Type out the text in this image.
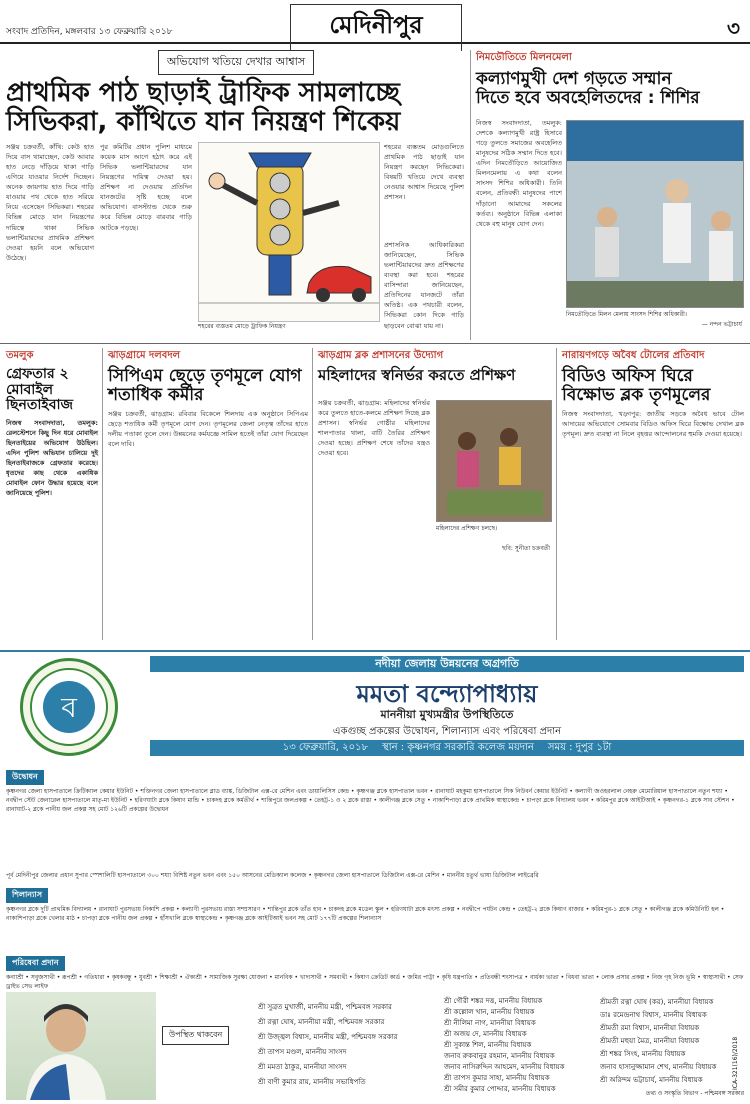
সংবাদ প্রতিদিন, মঙ্গলবার ১৩ ফেব্রুয়ারি ২০১৮	মেদিনীপুর	৩
অভিযোগ খতিয়ে দেখার আশ্বাস
প্রাথমিক পাঠ ছাড়াই ট্রাফিক সামলাচ্ছে
সিভিকরা, কাঁথিতে যান নিয়ন্ত্রণ শিকেয়
সঞ্জয় চক্রবর্তী, কাঁথি: কেউ হাত দিয়ে বাস থামাচ্ছেন, কেউ আবার হাত নেড়ে দাঁড়িয়ে থাকা গাড়ি এগিয়ে যাওয়ার নির্দেশ দিচ্ছেন। অনেক জায়গায় হাত দিয়ে গাড়ি যাওয়ার পথ থেকে হাত সরিয়ে নিয়ে এসেছেন সিভিকরা। শহরের বিভিন্ন মোড়ে যান নিয়ন্ত্রণের দায়িত্বে থাকা সিভিক ভলান্টিয়ারদের প্রাথমিক প্রশিক্ষণ দেওয়া হয়নি বলে অভিযোগ উঠেছে।
পুর কমিটির প্রধান পুলিশ মাধ্যমে কয়েক মাস আগে হঠাৎ করে এই সিভিক ভলান্টিয়ারদের যান নিয়ন্ত্রণের দায়িত্ব দেওয়া হয়। প্রশিক্ষণ না দেওয়ায় প্রতিদিন যানজটের সৃষ্টি হচ্ছে বলে অভিযোগ। বাসস্ট্যান্ড থেকে শুরু করে বিভিন্ন মোড়ে বারবার গাড়ি আটকে পড়ছে।
শহরের ব্যস্ততম মোড়ে ট্রাফিক নিয়ন্ত্রণ
শহরের ব্যস্ততম মোড়গুলিতে প্রাথমিক পাঠ ছাড়াই যান নিয়ন্ত্রণ করছেন সিভিকেরা। বিষয়টি খতিয়ে দেখে ব্যবস্থা নেওয়ার আশ্বাস দিয়েছে পুলিশ প্রশাসন।
প্রশাসনিক আধিকারিকরা জানিয়েছেন, সিভিক ভলান্টিয়ারদের দ্রুত প্রশিক্ষণের ব্যবস্থা করা হবে। শহরের বাসিন্দারা জানিয়েছেন, প্রতিদিনের যানজটে তাঁরা অতিষ্ঠ। এক পথচারী বলেন, সিভিকরা কোন দিকে গাড়ি ছাড়বেন বোঝা যায় না।
নিমডৌতিতে মিলনমেলা
কল্যাণমুখী দেশ গড়তে সম্মান
দিতে হবে অবহেলিতদের : শিশির
নিজস্ব সংবাদদাতা, তমলুক: দেশকে কল্যাণমুখী রাষ্ট্র হিসাবে গড়ে তুলতে সমাজের অবহেলিত মানুষদের সঠিক সম্মান দিতে হবে। এদিন নিমতৌড়িতে আয়োজিত মিলনমেলায় এ কথা বলেন সাংসদ শিশির অধিকারী। তিনি বলেন, প্রতিবন্ধী মানুষদের পাশে দাঁড়ানো আমাদের সকলের কর্তব্য। অনুষ্ঠানে বিভিন্ন এলাকা থেকে বহু মানুষ যোগ দেন।
নিমতৌড়িতে মিলন মেলায় সাংসদ শিশির অধিকারী।
— নন্দন ভট্টাচার্য
তমলুক
গ্রেফতার ২ মোবাইল ছিনতাইবাজ
নিজস্ব সংবাদদাতা, তমলুক: রেলস্টেশনে কিছু দিন ধরে মোবাইল ছিনতাইয়ের অভিযোগ উঠছিল। এদিন পুলিশ অভিযান চালিয়ে দুই ছিনতাইবাজকে গ্রেফতার করেছে। ধৃতদের কাছ থেকে একাধিক মোবাইল ফোন উদ্ধার হয়েছে বলে জানিয়েছে পুলিশ।
ঝাড়গ্রামে দলবদল
সিপিএম ছেড়ে তৃণমূলে যোগ শতাধিক কর্মীর
সঞ্জয় চক্রবর্তী, ঝাড়গ্রাম: রবিবার বিকেলে শিলদায় এক অনুষ্ঠানে সিপিএম ছেড়ে শতাধিক কর্মী তৃণমূলে যোগ দেন। তৃণমূলের জেলা নেতৃত্ব তাঁদের হাতে দলীয় পতাকা তুলে দেন। উন্নয়নের কর্মযজ্ঞে সামিল হতেই তাঁরা যোগ দিয়েছেন বলে দাবি।
ঝাড়গ্রাম ব্লক প্রশাসনের উদ্যোগ
মহিলাদের স্বনির্ভর করতে প্রশিক্ষণ
সঞ্জয় চক্রবর্তী, ঝাড়গ্রাম: মহিলাদের স্বনির্ভর করে তুলতে হাতে-কলমে প্রশিক্ষণ দিচ্ছে ব্লক প্রশাসন। স্বনির্ভর গোষ্ঠীর মহিলাদের শালপাতার থালা, বাটি তৈরির প্রশিক্ষণ দেওয়া হচ্ছে। প্রশিক্ষণ শেষে তাঁদের যন্ত্রও দেওয়া হবে।
মহিলাদের প্রশিক্ষণ চলছে।
ছবি: সুনীতা চক্রবর্তী
নারায়ণগড়ে অবৈধ টোলের প্রতিবাদ
বিডিও অফিস ঘিরে বিক্ষোভ ব্লক তৃণমূলের
নিজস্ব সংবাদদাতা, খড়্গপুর: জাতীয় সড়কে অবৈধ ভাবে টোল আদায়ের অভিযোগে সোমবার বিডিও অফিস ঘিরে বিক্ষোভ দেখাল ব্লক তৃণমূল। দ্রুত ব্যবস্থা না নিলে বৃহত্তর আন্দোলনের হুমকি দেওয়া হয়েছে।
ব
নদীয়া জেলায় উন্নয়নের অগ্রগতি
মমতা বন্দ্যোপাধ্যায়
মাননীয়া মুখ্যমন্ত্রীর উপস্থিতিতে
একগুচ্ছ প্রকল্পের উদ্বোধন, শিলান্যাস এবং পরিষেবা প্রদান
১৩ ফেব্রুয়ারি, ২০১৮ স্থান : কৃষ্ণনগর সরকারি কলেজ ময়দান সময় : দুপুর ১টা
উদ্বোধন
কৃষ্ণনগর জেলা হাসপাতালে ক্রিটিক্যাল কেয়ার ইউনিট • শক্তিনগর জেলা হাসপাতালে ব্লাড ব্যাঙ্ক, ডিজিটাল এক্স-রে মেশিন এবং ডায়ালিসিস কেন্দ্র • কৃষ্ণগঞ্জ ব্লকে হাসপাতাল ভবন • রানাঘাট মহকুমা হাসপাতালে সিক নিউবর্ন কেয়ার ইউনিট • কল্যাণী জওহরলাল নেহরু মেমোরিয়াল হাসপাতালে নতুন শয্যা • নবদ্বীপ স্টেট জেনারেল হাসপাতালে মাতৃ-মা ইউনিট • হরিণঘাটা ব্লকে কিষাণ মান্ডি • চাকদহ ব্লকে কর্মতীর্থ • শান্তিপুরে জলপ্রকল্প • তেহট্ট-১ ও ২ ব্লকে রাস্তা • কালীগঞ্জ ব্লকে সেতু • নাকাশিপাড়া ব্লকে প্রাথমিক স্বাস্থ্যকেন্দ্র • চাপড়া ব্লকে বিদ্যালয় ভবন • করিমপুর ব্লকে আইটিআই • কৃষ্ণনগর-১ ব্লকে সাব স্টেশন • রানাঘাট-২ ব্লকে পানীয় জল প্রকল্প সহ মোট ১২৬টি প্রকল্পের উদ্বোধন
পূর্ব মেদিনীপুর জেলার প্রধান সুপার স্পেশালিটি হাসপাতালে ৩০০ শয্যা বিশিষ্ট নতুন ভবন এবং ১৫০ আসনের মেডিক্যাল কলেজ • কৃষ্ণনগর জেলা হাসপাতালে ডিজিটাল এক্স-রে মেশিন • মাননীয় চতুর্থ ভাষা ডিজিটাল লাইব্রেরি
শিলান্যাস
কৃষ্ণনগর ব্লকে দুটি প্রাথমিক বিদ্যালয় • রানাঘাট পুরসভায় নিকাশি প্রকল্প • কল্যাণী পুরসভায় রাস্তা সম্প্রসারণ • শান্তিপুর ব্লকে তাঁত হাব • চাকদহ ব্লকে মডেল স্কুল • হরিণঘাটা ব্লকে মৎস্য প্রকল্প • নবদ্বীপে পর্যটন কেন্দ্র • তেহট্ট-২ ব্লকে কিষাণ বাজার • করিমপুর-১ ব্লকে সেতু • কালীগঞ্জ ব্লকে কমিউনিটি হল • নাকাশিপাড়া ব্লকে খেলার মাঠ • চাপড়া ব্লকে পানীয় জল প্রকল্প • হাঁসখালি ব্লকে স্বাস্থ্যকেন্দ্র • কৃষ্ণগঞ্জ ব্লকে আইটিআই ভবন সহ মোট ১৭৭টি প্রকল্পের শিলান্যাস
পরিষেবা প্রদান
কন্যাশ্রী • সবুজসাথী • রূপশ্রী • গতিধারা • কৃষকবন্ধু • যুবশ্রী • শিক্ষাশ্রী • ঐক্যশ্রী • সামাজিক সুরক্ষা যোজনা • মানবিক • খাদ্যসাথী • সমব্যথী • কিষাণ ক্রেডিট কার্ড • জমির পাট্টা • কৃষি যন্ত্রপাতি • প্রতিবন্ধী শংসাপত্র • বার্ধক্য ভাতা • বিধবা ভাতা • লোক প্রসার প্রকল্প • নিজ গৃহ নিজ ভূমি • স্বাস্থ্যসাথী • সেফ ড্রাইভ সেভ লাইফ
উপস্থিত থাকবেন
শ্রী সুব্রত মুখার্জী, মাননীয় মন্ত্রী, পশ্চিমবঙ্গ সরকার
শ্রী রত্না ঘোষ, মাননীয়া মন্ত্রী, পশ্চিমবঙ্গ সরকার
শ্রী উজ্জ্বল বিশ্বাস, মাননীয় মন্ত্রী, পশ্চিমবঙ্গ সরকার
শ্রী তাপস মণ্ডল, মাননীয় সাংসদ
শ্রী মমতা ঠাকুর, মাননীয়া সাংসদ
শ্রী বাণী কুমার রায়, মাননীয় সভাধিপতি
শ্রী গৌরী শঙ্কর দত্ত, মাননীয় বিধায়ক
শ্রী কল্লোল খান, মাননীয় বিধায়ক
শ্রী নীলিমা নাগ, মাননীয়া বিধায়ক
শ্রী অজয় দে, মাননীয় বিধায়ক
শ্রী সুকান্ত শিল, মাননীয় বিধায়ক
জনাব রুকবানুর রহমান, মাননীয় বিধায়ক
জনাব নাসিরুদ্দিন আহমেদ, মাননীয় বিধায়ক
শ্রী তাপস কুমার সাহা, মাননীয় বিধায়ক
শ্রী সমীর কুমার পোদ্দার, মাননীয় বিধায়ক
শ্রীমতী রত্না ঘোষ (কর), মাননীয়া বিধায়ক
ডাঃ রমেন্দ্রনাথ বিশ্বাস, মাননীয় বিধায়ক
শ্রীমতী রমা বিশ্বাস, মাননীয়া বিধায়ক
শ্রীমতী মহুয়া মৈত্র, মাননীয়া বিধায়ক
শ্রী শঙ্কর সিংহ, মাননীয় বিধায়ক
জনাব হাসানুজ্জামান শেখ, মাননীয় বিধায়ক
শ্রী অরিন্দম ভট্টাচার্য, মাননীয় বিধায়ক	ICA-321(16)/2018
তথ্য ও সংস্কৃতি বিভাগ - পশ্চিমবঙ্গ সরকার
